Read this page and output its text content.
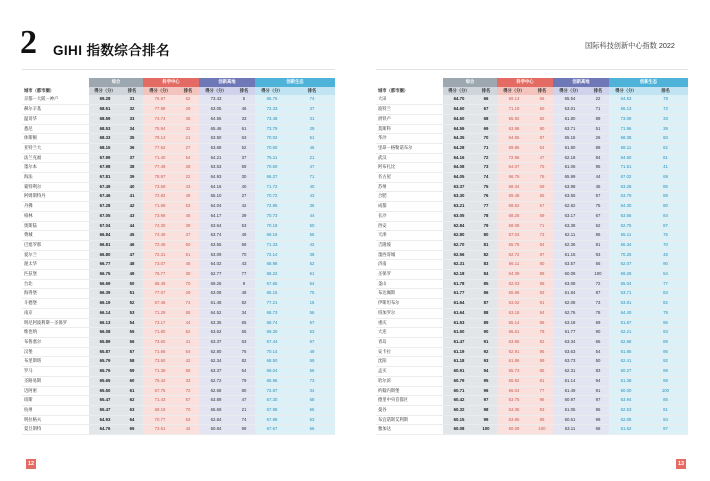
2 GIHI 指数综合排名	国际科技创新中心指数 2022
	综合		科学中心		创新高地		创新生态	
城市（都市圈）	得分（分）	排名	得分（分）	排名	得分（分）	排名	得分（分）	排名
京都－大阪－神户	69.28	31	76.87	62	73.43	5	65.76	74
赫尔辛基	68.51	32	77.98	29	63.05	46	72.33	37
温哥华	68.59	33	74.74	36	64.56	33	73.48	31
悉尼	68.53	34	75.94	32	65.46	61	73.79	29
休斯顿	68.33	35	79.14	21	63.50	63	70.02	51
亚特兰大	68.15	36	77.62	27	63.68	52	70.60	46
法兰克福	67.99	37	71.40	54	64.21	37	75.11	21
墨尔本	67.98	38	77.49	28	63.53	59	70.60	47
海法	67.81	39	78.97	22	64.93	30	66.27	71
蒙特利尔	67.49	40	73.69	43	64.16	40	71.72	40
阿姆斯特丹	67.46	41	72.82	49	65.10	27	70.72	43
丹佛	67.28	42	71.68	53	64.04	42	72.85	35
柏林	67.05	43	73.98	45	64.17	39	70.73	44
奥斯陆	67.04	44	74.30	39	63.64	53	70.18	50
费城	66.84	45	74.49	37	63.74	49	69.16	55
巴塞罗那	66.81	46	72.46	50	63.55	58	71.33	42
爱尔兰	66.80	47	72.31	51	63.09	70	72.14	38
渥太华	66.77	48	73.07	45	64.02	43	68.98	52
匹兹堡	66.75	49	76.77	30	62.77	77	68.22	61
台北	66.69	50	68.49	70	69.26	9	67.65	64
海得堡	66.39	51	77.07	29	63.08	48	65.15	75
斗德堡	66.19	52	67.46	74	61.48	82	77.21	15
南京	66.14	53	71.29	55	64.52	34	68.73	56
明尼阿波利斯－圣保罗	66.13	54	73.17	44	63.35	65	68.74	57
维也纳	66.08	55	71.80	52	63.62	55	69.30	53
布鲁塞尔	65.89	56	73.60	41	63.37	63	67.44	67
汉堡	65.87	57	71.66	54	62.80	76	70.14	49
布里斯班	65.79	58	73.60	42	62.34	82	68.50	59
罗马	65.76	59	71.38	58	63.37	64	69.04	56
圣路易斯	65.65	60	75.42	33	62.72	79	65.96	73
迈阿密	65.50	61	67.75	72	62.68	80	72.87	34
纽斯	65.47	62	71.43	57	63.89	47	67.30	68
杭州	65.47	63	68.19	70	65.69	21	67.98	65
明拉格夫	64.93	64	70.77	63	62.84	74	67.98	63
夏旦斯特	64.76	65	73.61	42	60.84	98	67.67	66
	综合		科学中心		创新高地		创新生态	
城市（都市圈）	得分（分）	排名	得分（分）	排名	得分（分）	排名	得分（分）	排名
大田	64.70	66	69.13	66	65.54	22	64.53	78
波特兰	64.60	67	71.19	60	63.01	71	66.13	72
滑铁卢	64.60	68	65.92	82	61.80	89	73.08	33
莫斯科	64.59	69	63.98	90	63.71	51	71.96	39
华沙	64.35	70	64.55	87	65.15	26	68.38	60
里昂－格勒诺布尔	64.28	71	69.85	64	61.80	89	68.11	62
武汉	64.16	72	72.96	47	62.18	84	64.50	81
阿布扎比	64.08	73	64.07	75	61.06	95	71.51	41
名古屋	64.05	74	66.76	76	65.99	44	67.02	69
苏州	63.37	75	68.34	69	63.98	45	63.28	85
合肥	63.30	76	69.48	65	63.55	57	63.79	88
成都	63.21	77	68.52	67	62.82	75	64.30	80
长沙	63.05	78	68.26	69	63.17	67	63.56	84
西安	62.84	79	68.08	71	63.38	62	62.75	87
天津	62.80	80	67.03	73	62.11	86	65.11	76
吉隆坡	62.70	81	65.75	84	62.36	81	66.34	70
墨西哥城	62.56	82	62.72	97	61.15	93	70.25	48
济南	62.31	83	66.11	80	63.57	56	62.07	90
圣保罗	62.18	84	64.39	88	60.08	100	69.28	54
釜山	61.78	85	62.03	98	63.08	72	65.04	77
布达佩斯	61.77	86	65.88	83	61.84	87	63.71	83
伊斯坦布尔	61.64	87	63.02	91	62.08	73	63.81	82
班加罗尔	61.64	88	63.18	94	62.76	78	64.40	79
重庆	61.53	89	65.14	86	63.18	69	61.67	96
大连	61.50	90	66.61	78	61.77	90	62.21	93
青岛	61.47	91	63.86	92	63.34	66	62.58	89
安卡拉	61.19	92	62.91	95	63.63	54	61.85	95
沈阳	61.18	93	61.86	99	63.73	50	62.41	92
孟买	60.91	94	65.73	85	62.31	83	60.27	99
哈尔滨	60.79	95	65.92	81	61.14	94	61.38	98
约翰内斯堡	60.71	96	66.04	77	61.49	91	60.00	100
德里中央首都区	60.42	97	63.75	96	60.97	97	63.94	85
曼谷	60.32	98	63.36	93	61.05	96	62.53	91
布宜诺斯艾利斯	60.15	99	63.86	89	60.61	99	62.08	94
雅加达	60.08	100	60.09	100	63.11	68	61.52	97
12	13
